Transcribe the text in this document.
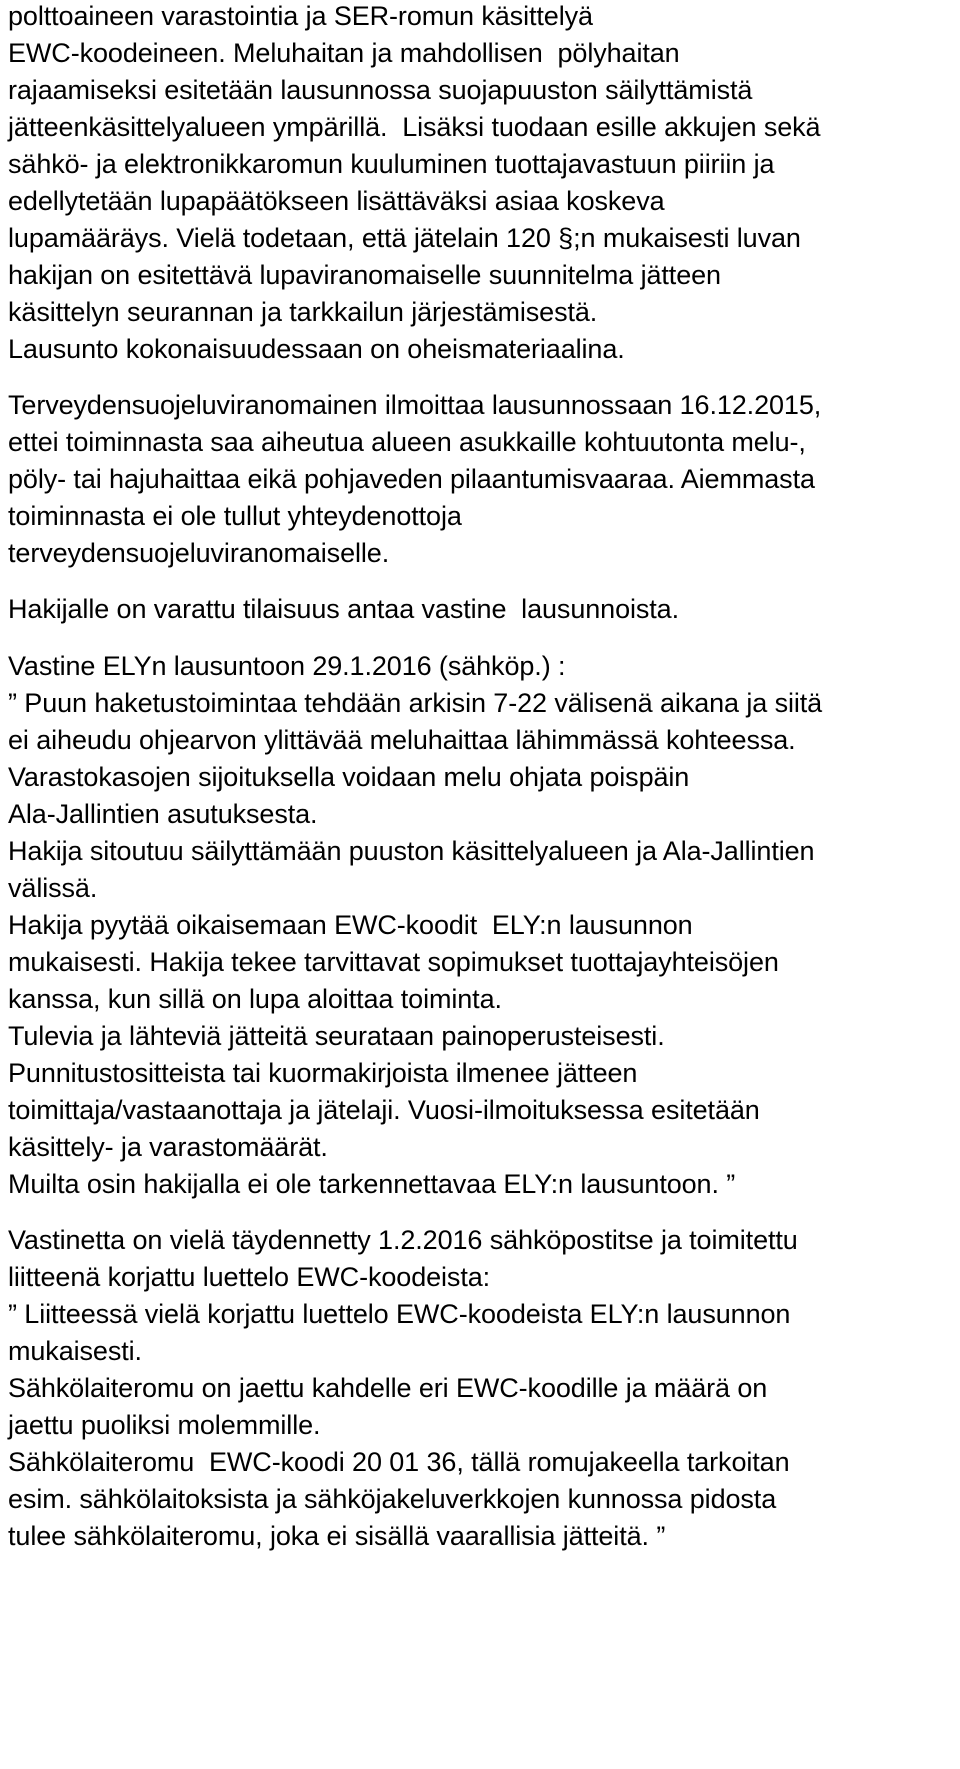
polttoaineen varastointia ja SER-romun käsittelyä
EWC-koodeineen. Meluhaitan ja mahdollisen  pölyhaitan
rajaamiseksi esitetään lausunnossa suojapuuston säilyttämistä
jätteenkäsittelyalueen ympärillä.  Lisäksi tuodaan esille akkujen sekä
sähkö- ja elektronikkaromun kuuluminen tuottajavastuun piiriin ja
edellytetään lupapäätökseen lisättäväksi asiaa koskeva
lupamääräys. Vielä todetaan, että jätelain 120 §;n mukaisesti luvan
hakijan on esitettävä lupaviranomaiselle suunnitelma jätteen
käsittelyn seurannan ja tarkkailun järjestämisestä.
Lausunto kokonaisuudessaan on oheismateriaalina.
Terveydensuojeluviranomainen ilmoittaa lausunnossaan 16.12.2015,
ettei toiminnasta saa aiheutua alueen asukkaille kohtuutonta melu-,
pöly- tai hajuhaittaa eikä pohjaveden pilaantumisvaaraa. Aiemmasta
toiminnasta ei ole tullut yhteydenottoja
terveydensuojeluviranomaiselle.
Hakijalle on varattu tilaisuus antaa vastine  lausunnoista.
Vastine ELYn lausuntoon 29.1.2016 (sähköp.) :
” Puun haketustoimintaa tehdään arkisin 7-22 välisenä aikana ja siitä
ei aiheudu ohjearvon ylittävää meluhaittaa lähimmässä kohteessa.
Varastokasojen sijoituksella voidaan melu ohjata poispäin
Ala-Jallintien asutuksesta.
Hakija sitoutuu säilyttämään puuston käsittelyalueen ja Ala-Jallintien
välissä.
Hakija pyytää oikaisemaan EWC-koodit  ELY:n lausunnon
mukaisesti. Hakija tekee tarvittavat sopimukset tuottajayhteisöjen
kanssa, kun sillä on lupa aloittaa toiminta.
Tulevia ja lähteviä jätteitä seurataan painoperusteisesti.
Punnitustositteista tai kuormakirjoista ilmenee jätteen
toimittaja/vastaanottaja ja jätelaji. Vuosi-ilmoituksessa esitetään
käsittely- ja varastomäärät.
Muilta osin hakijalla ei ole tarkennettavaa ELY:n lausuntoon. ”
Vastinetta on vielä täydennetty 1.2.2016 sähköpostitse ja toimitettu
liitteenä korjattu luettelo EWC-koodeista:
” Liitteessä vielä korjattu luettelo EWC-koodeista ELY:n lausunnon
mukaisesti.
Sähkölaiteromu on jaettu kahdelle eri EWC-koodille ja määrä on
jaettu puoliksi molemmille.
Sähkölaiteromu  EWC-koodi 20 01 36, tällä romujakeella tarkoitan
esim. sähkölaitoksista ja sähköjakeluverkkojen kunnossa pidosta
tulee sähkölaiteromu, joka ei sisällä vaarallisia jätteitä. ”
